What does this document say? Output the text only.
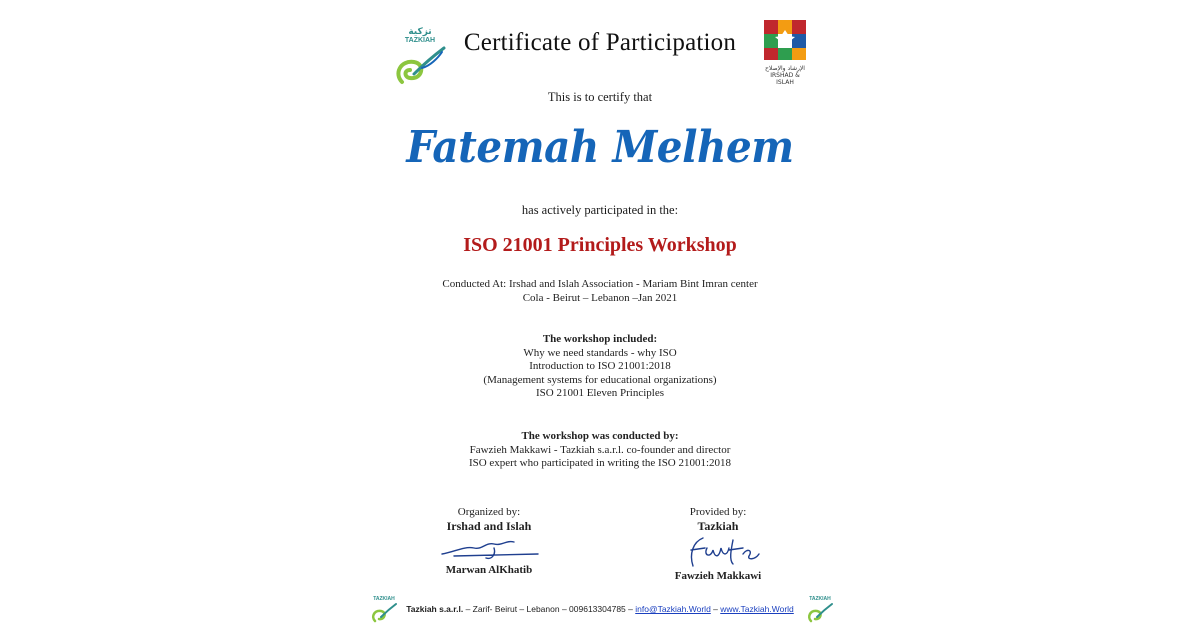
تزكية
TAZKIAH
الإرشاد والإصلاح
IRSHAD & ISLAH
Certificate of Participation
This is to certify that
Fatemah Melhem
has actively participated in the:
ISO 21001 Principles Workshop
Conducted At: Irshad and Islah Association - Mariam Bint Imran center
Cola - Beirut – Lebanon –Jan 2021
The workshop included:
Why we need standards - why ISO
Introduction to ISO 21001:2018
(Management systems for educational organizations)
ISO 21001 Eleven Principles
The workshop was conducted by:
Fawzieh Makkawi - Tazkiah s.a.r.l. co-founder and director
ISO expert who participated in writing the ISO 21001:2018
Organized by:
Irshad and Islah
Marwan AlKhatib
Provided by:
Tazkiah
Fawzieh Makkawi
TAZKIAH	TAZKIAH
Tazkiah s.a.r.l. – Zarif- Beirut – Lebanon – 009613304785 – info@Tazkiah.World – www.Tazkiah.World
